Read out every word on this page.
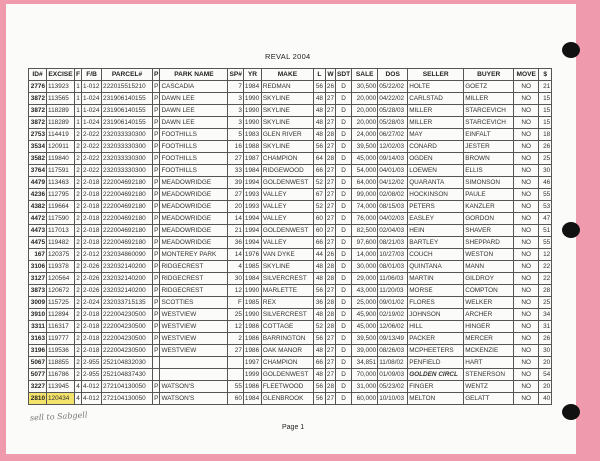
REVAL 2004
ID#	EXCISE	F	F/B	PARCEL#	P	PARK NAME	SP#	YR	MAKE	L	W	SDT	SALE	DOS	SELLER	BUYER	MOVE	$
2776	113923	1	1-012	222015515210	P	CASCADIA	7	1984	REDMAN	56	26	D	30,500	05/22/02	HOLTE	GOETZ	NO	21
3872	113565	1	1-024	231906140155	P	DAWN LEE	3	1990	SKYLINE	48	27	D	20,000	04/22/02	CARLSTAD	MILLER	NO	15
3872	118289	1	1-024	231906140155	P	DAWN LEE	3	1990	SKYLINE	48	27	D	20,000	05/28/03	MILLER	STARCEVICH	NO	15
3872	118289	1	1-024	231906140155	P	DAWN LEE	3	1990	SKYLINE	48	27	D	20,000	05/28/03	MILLER	STARCEVICH	NO	15
2753	114419	2	2-022	232033330300	P	FOOTHILLS	5	1983	GLEN RIVER	48	28	D	24,000	06/27/02	MAY	EINFALT	NO	18
3534	120911	2	2-022	232033330300	P	FOOTHILLS	16	1988	SKYLINE	56	27	D	39,500	12/02/03	CONARD	JESTER	NO	26
3582	119840	2	2-022	232033330300	P	FOOTHILLS	27	1987	CHAMPION	64	28	D	45,000	09/14/03	OGDEN	BROWN	NO	25
3764	117591	2	2-022	232033330300	P	FOOTHILLS	33	1984	RIDGEWOOD	66	27	D	54,000	04/01/03	LOEWEN	ELLIS	NO	30
4479	113463	2	2-018	222004692180	P	MEADOWRIDGE	39	1994	GOLDENWEST	52	27	D	64,000	04/12/02	QUARANTA	SIMONSON	NO	46
4236	112795	2	2-018	222004692180	P	MEADOWRIDGE	27	1993	VALLEY	67	27	D	99,000	02/08/02	HOCKINSON	PAULE	NO	55
4382	119664	2	2-018	222004692180	P	MEADOWRIDGE	20	1993	VALLEY	52	27	D	74,000	08/15/03	PETERS	KANZLER	NO	53
4472	117590	2	2-018	222004692180	P	MEADOWRIDGE	14	1994	VALLEY	60	27	D	76,000	04/02/03	EASLEY	GORDON	NO	47
4473	117013	2	2-018	222004692180	P	MEADOWRIDGE	21	1994	GOLDENWEST	60	27	D	82,500	02/04/03	HEIN	SHAVER	NO	51
4475	119482	2	2-018	222004692180	P	MEADOWRIDGE	36	1994	VALLEY	66	27	D	97,600	08/21/03	BARTLEY	SHEPPARD	NO	55
167	120375	2	2-012	232034860090	P	MONTEREY PARK	14	1976	VAN DYKE	44	26	D	14,000	10/27/03	COUCH	WESTON	NO	12
3106	119378	2	2-026	232032140200	P	RIDGECREST	4	1985	SKYLINE	48	28	D	30,000	08/01/03	QUINTANA	MANN	NO	22
3127	120564	2	2-026	232032140200	P	RIDGECREST	30	1984	SILVERCREST	48	28	D	29,000	11/06/03	MARTIN	GILDROY	NO	22
3873	120672	2	2-026	232032140200	P	RIDGECREST	12	1990	MARLETTE	56	27	D	43,000	11/20/03	MORSE	COMPTON	NO	28
3009	115725	2	2-024	232033715135	P	SCOTTIES	F	1985	REX	36	28	D	25,000	09/01/02	FLORES	WELKER	NO	25
3910	112894	2	2-018	222004230500	P	WESTVIEW	25	1990	SILVERCREST	48	28	D	45,900	02/19/02	JOHNSON	ARCHER	NO	34
3311	116317	2	2-018	222004230500	P	WESTVIEW	12	1986	COTTAGE	52	28	D	45,000	12/06/02	HILL	HINGER	NO	31
3163	119777	2	2-018	222004230500	P	WESTVIEW	2	1986	BARRINGTON	56	27	D	39,500	09/13/49	PACKER	MERCER	NO	26
3196	119536	2	2-018	222004230500	P	WESTVIEW	27	1986	OAK MANOR	48	27	D	39,000	08/26/03	MCPHEETERS	MCKENZIE	NO	30
5067	118855	2	2-955	252104832030				1997	CHAMPION	66	27	D	34,851	11/08/02	PENFIELD	HART	NO	20
5077	116786	2	2-955	252104837430				1999	GOLDENWEST	48	27	D	70,000	01/09/03	GOLDEN CIRCL	STENERSON	NO	54
3227	113945	4	4-012	272104130050	P	WATSON'S	55	1986	FLEETWOOD	56	28	D	31,000	05/23/02	FINGER	WENTZ	NO	20
2810	120434	4	4-012	272104130050	P	WATSON'S	60	1984	GLENBROOK	56	27	D	60,000	10/10/03	MELTON	GELATT	NO	40
sell to Sabgell
Page 1
